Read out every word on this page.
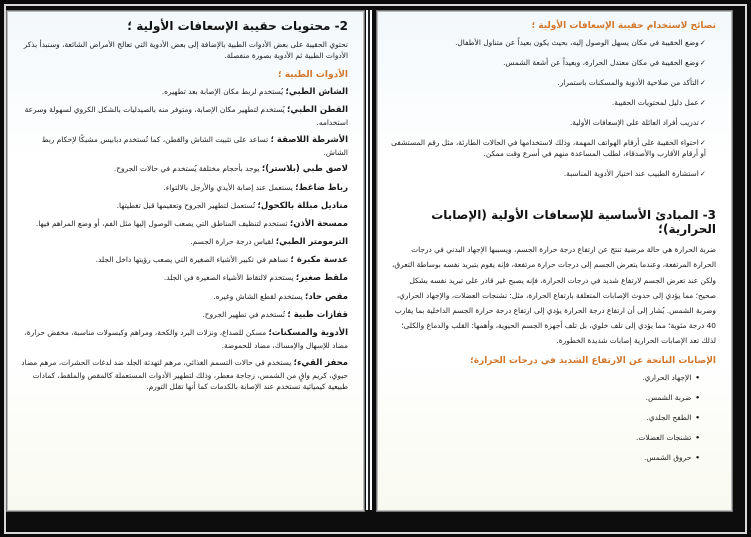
2- محتويات حقيبة الإسعافات الأولية ؛

تحتوي الحقيبة على بعض الأدوات الطبية بالإضافة إلى بعض الأدوية التي تعالج الأمراض الشائعة، وسنبدأ بذكر الأدوات الطبية ثم الأدوية بصورة منفصلة.

الأدوات الطبية ؛

الشاش الطبي؛ يُستخدم لربط مكان الإصابة بعد تطهيره.

القطن الطبي؛ يُستخدم لتطهير مكان الإصابة، ومتوفر منه بالصيدليات بالشكل الكروي لسهولة وسرعة استخدامه.

الأشرطة اللاصقة ؛ تساعد على تثبيت الشاش والقطن، كما تُستخدم دبابيس مشبكًا لإحكام ربط الشاش.

لاصق طبي (بلاستر)؛ يوجد بأحجام مختلفة يُستخدم في حالات الجروح.

رباط ضاغط؛ يستعمل عند إصابة الأيدي والأرجل بالالتواء.

مناديل مبللة بالكحول؛ تُستعمل لتطهير الجروح وتعقيمها قبل تغطيتها.

ممسحة الأذن؛ تستخدم لتنظيف المناطق التي يصعب الوصول إليها مثل الفم، أو وضع المراهم فيها.

الترمومتر الطبي؛ لقياس درجة حرارة الجسم.

عدسة مكبرة ؛ تساهم في تكبير الأشياء الصغيرة التي يصعب رؤيتها داخل الجلد.

ملقط صغير؛ يستخدم لالتقاط الأشياء الصغيرة في الجلد.

مقص حاد؛ يستخدم لقطع الشاش وغيره.

قفازات طبية ؛ تُستخدم في تطهير الجروح.

الأدوية والمسكنات؛ مسكن للصداع، ونزلات البرد والكحة، ومراهم وكبسولات مناسبة، مخفض حرارة، مضاد للإسهال والإمساك، مضاد للحموضة.

محفز القيء؛ يستخدم في حالات التسمم الغذائي، مرهم لتهدئة الجلد ضد لدغات الحشرات، مرهم مضاد حيوي، كريم واقٍ من الشمس، زجاجة معطر، وذلك لتطهير الأدوات المستعملة كالمقص والملقط، كمادات طبيعية كيميائية تستخدم عند الإصابة بالكدمات كما أنها تقلل التورم.

نصائح لاستخدام حقيبة الإسعافات الأولية ؛
✓ وضع الحقيبة في مكان يسهل الوصول إليه، بحيث يكون بعيداً عن متناول الأطفال.
✓ وضع الحقيبة في مكان معتدل الحرارة، وبعيداً عن أشعة الشمس.
✓ التأكد من صلاحية الأدوية والمسكنات باستمرار.
✓ عمل دليل لمحتويات الحقيبة.
✓ تدريب أفراد العائلة على الإسعافات الأولية.
✓ احتواء الحقيبة على أرقام الهواتف المهمة، وذلك لاستخدامها في الحالات الطارئة، مثل رقم المستشفى أو أرقام الأقارب والأصدقاء، لطلب المساعدة منهم في أسرع وقت ممكن.
✓ استشارة الطبيب عند اختيار الأدوية المناسبة.
3- المبادئ الأساسية للإسعافات الأولية (الإصابات الحرارية)؛

ضربة الحرارة هي حالة مرضية تنتج عن ارتفاع درجة حرارة الجسم، ويسببها الإجهاد البدني في درجات الحرارة المرتفعة، وعندما يتعرض الجسم إلى درجات حرارة مرتفعة، فإنه يقوم بتبريد نفسه بوساطة التعرق، ولكن عند تعرض الجسم لارتفاع شديد في درجات الحرارة، فإنه يصبح غير قادر على تبريد نفسه بشكل صحيح؛ مما يؤدي إلى حدوث الإصابات المتعلقة بارتفاع الحرارة، مثل: تشنجات العضلات، والإجهاد الحراري، وضربة الشمس. يُشار إلى أن ارتفاع درجة الحرارة يؤدي إلى ارتفاع درجة حرارة الجسم الداخلية بما يقارب 40 درجة مئوية؛ مما يؤدي إلى تلف خلوي، بل تلف أجهزة الجسم الحيوية، وأهمها: القلب والدماغ والكلى؛ لذلك تعد الإصابات الحرارية إصابات شديدة الخطورة.

الإصابات الناتجة عن الارتفاع الشديد في درجات الحرارة؛
• الإجهاد الحراري.
• ضربة الشمس.
• الطفح الجلدي.
• تشنجات العضلات.
• حروق الشمس.
